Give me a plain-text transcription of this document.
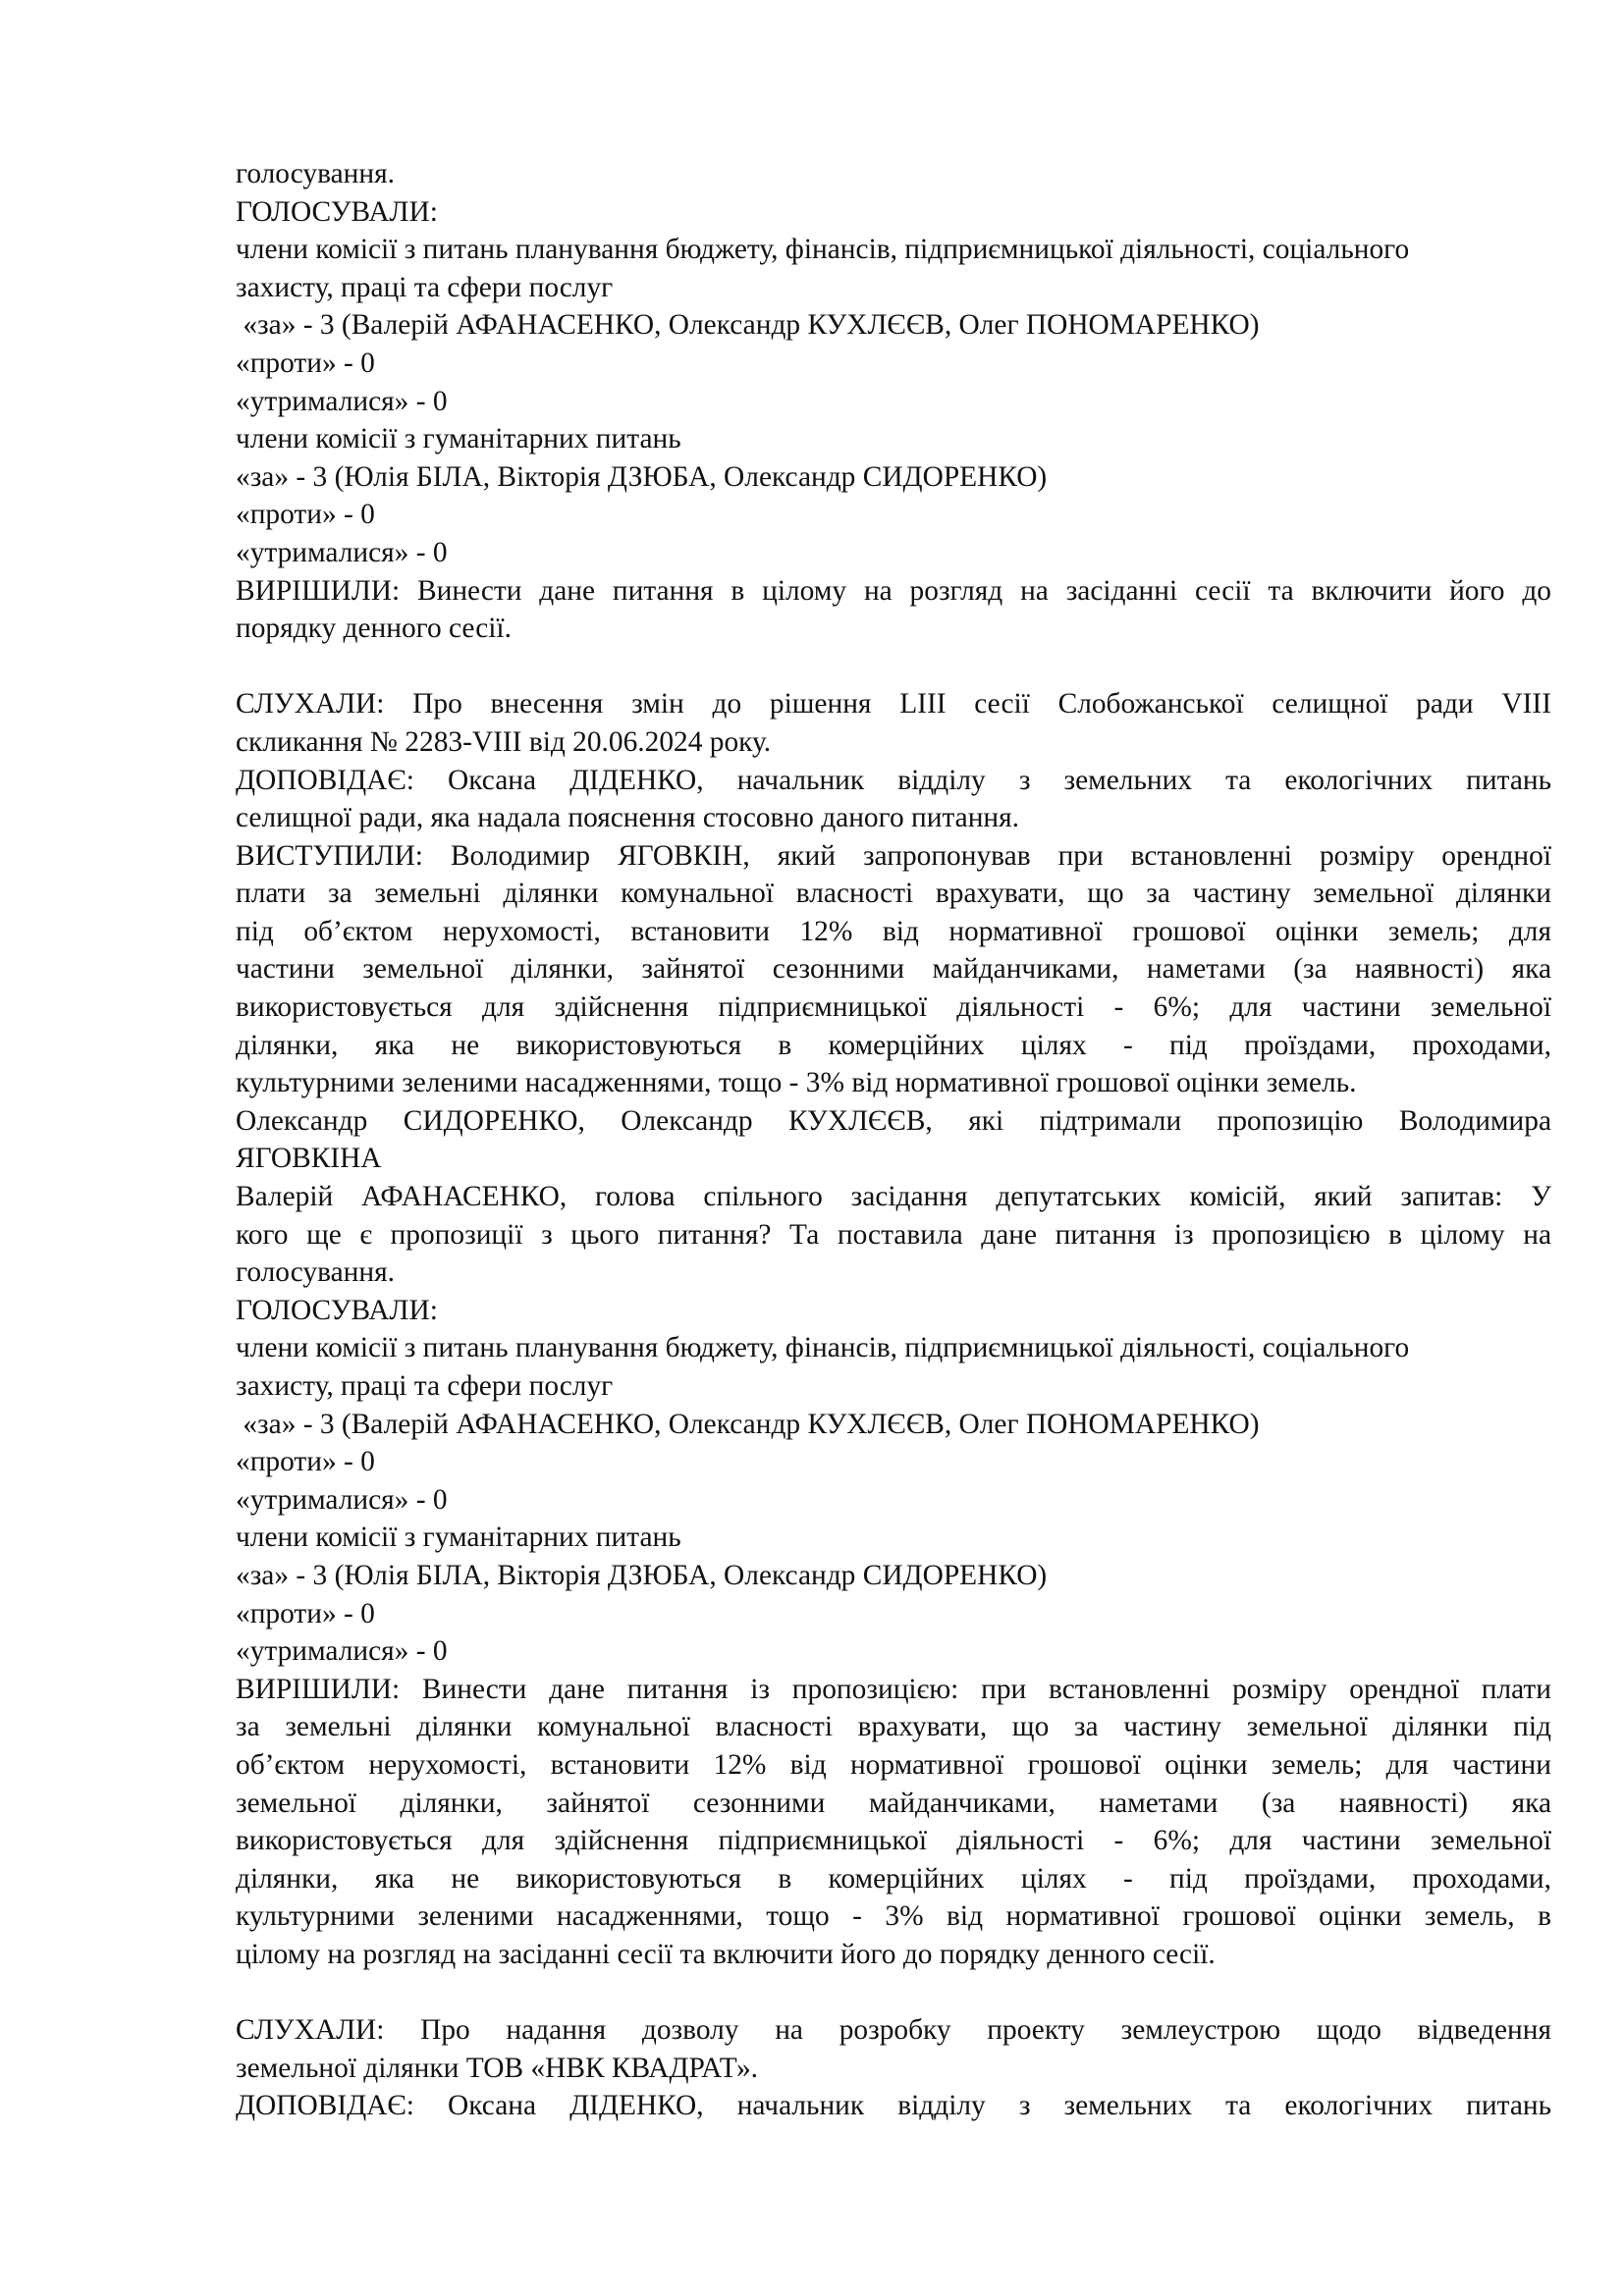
голосування.
ГОЛОСУВАЛИ:
члени комісії з питань планування бюджету, фінансів, підприємницької діяльності, соціального
захисту, праці та сфери послуг
«за» - 3 (Валерій АФАНАСЕНКО, Олександр КУХЛЄЄВ, Олег ПОНОМАРЕНКО)
«проти» - 0
«утрималися» - 0
члени комісії з гуманітарних питань
«за» - 3 (Юлія БІЛА, Вікторія ДЗЮБА, Олександр СИДОРЕНКО)
«проти» - 0
«утрималися» - 0
ВИРІШИЛИ: Винести дане питання в цілому на розгляд на засіданні сесії та включити його до
порядку денного сесії.
СЛУХАЛИ: Про внесення змін до рішення LIII сесії Слобожанської селищної ради VIII
скликання № 2283-VIII від 20.06.2024 року.
ДОПОВІДАЄ: Оксана ДІДЕНКО, начальник відділу з земельних та екологічних питань
селищної ради, яка надала пояснення стосовно даного питання.
ВИСТУПИЛИ: Володимир ЯГОВКІН, який запропонував при встановленні розміру орендної
плати за земельні ділянки комунальної власності врахувати, що за частину земельної ділянки
під об’єктом нерухомості, встановити 12% від нормативної грошової оцінки земель; для
частини земельної ділянки, зайнятої сезонними майданчиками, наметами (за наявності) яка
використовується для здійснення підприємницької діяльності - 6%; для частини земельної
ділянки, яка не використовуються в комерційних цілях - під проїздами, проходами,
культурними зеленими насадженнями, тощо - 3% від нормативної грошової оцінки земель.
Олександр СИДОРЕНКО, Олександр КУХЛЄЄВ, які підтримали пропозицію Володимира
ЯГОВКІНА
Валерій АФАНАСЕНКО, голова спільного засідання депутатських комісій, який запитав: У
кого ще є пропозиції з цього питання? Та поставила дане питання із пропозицією в цілому на
голосування.
ГОЛОСУВАЛИ:
члени комісії з питань планування бюджету, фінансів, підприємницької діяльності, соціального
захисту, праці та сфери послуг
«за» - 3 (Валерій АФАНАСЕНКО, Олександр КУХЛЄЄВ, Олег ПОНОМАРЕНКО)
«проти» - 0
«утрималися» - 0
члени комісії з гуманітарних питань
«за» - 3 (Юлія БІЛА, Вікторія ДЗЮБА, Олександр СИДОРЕНКО)
«проти» - 0
«утрималися» - 0
ВИРІШИЛИ: Винести дане питання із пропозицією: при встановленні розміру орендної плати
за земельні ділянки комунальної власності врахувати, що за частину земельної ділянки під
об’єктом нерухомості, встановити 12% від нормативної грошової оцінки земель; для частини
земельної ділянки, зайнятої сезонними майданчиками, наметами (за наявності) яка
використовується для здійснення підприємницької діяльності - 6%; для частини земельної
ділянки, яка не використовуються в комерційних цілях - під проїздами, проходами,
культурними зеленими насадженнями, тощо - 3% від нормативної грошової оцінки земель, в
цілому на розгляд на засіданні сесії та включити його до порядку денного сесії.
СЛУХАЛИ: Про надання дозволу на розробку проекту землеустрою щодо відведення
земельної ділянки ТОВ «НВК КВАДРАТ».
ДОПОВІДАЄ: Оксана ДІДЕНКО, начальник відділу з земельних та екологічних питань
